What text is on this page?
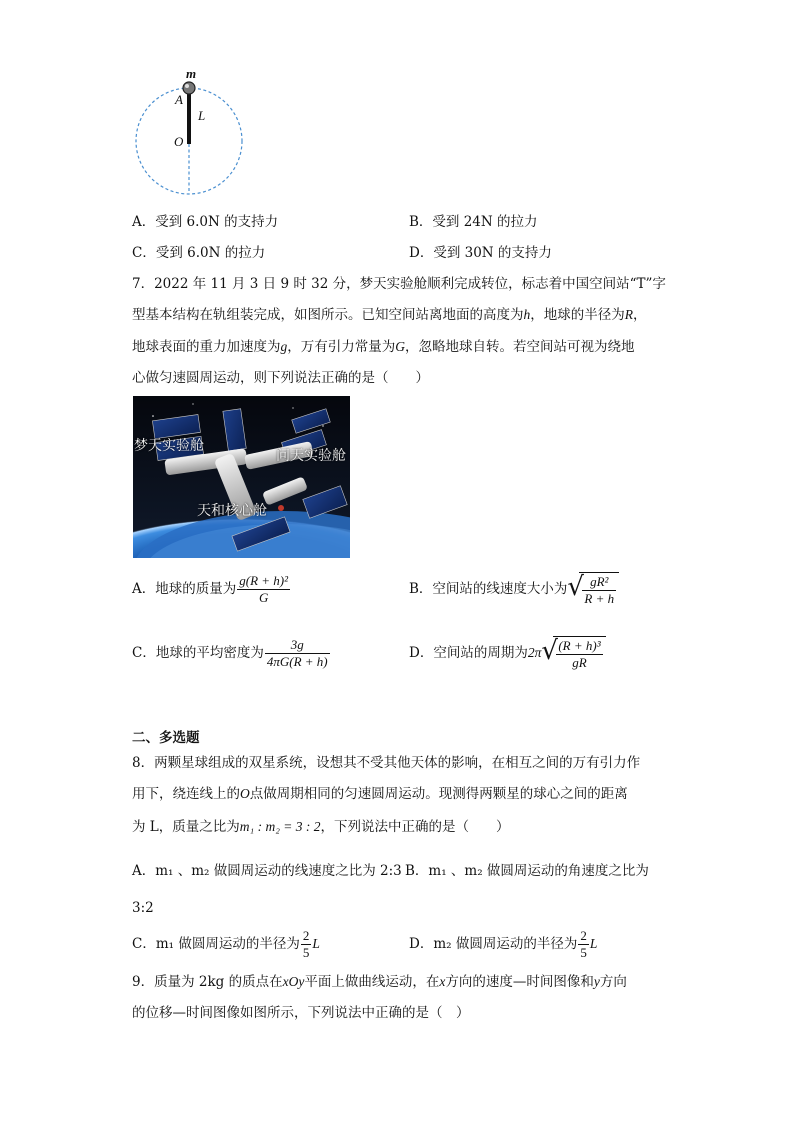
m
A
L
O
A．受到 6.0N 的支持力	B．受到 24N 的拉力
C．受到 6.0N 的拉力	D．受到 30N 的支持力
7．2022 年 11 月 3 日 9 时 32 分，梦天实验舱顺利完成转位，标志着中国空间站“T”字
型基本结构在轨组装完成，如图所示。已知空间站离地面的高度为h，地球的半径为R，
地球表面的重力加速度为g，万有引力常量为G，忽略地球自转。若空间站可视为绕地
心做匀速圆周运动，则下列说法正确的是（　　）
梦天实验舱
问天实验舱
天和核心舱
A．地球的质量为 $\frac{\text{g(R + h)²}}{G}$	B．空间站的线速度大小为 √
$\frac{\text{gR²}}{R + h}$
C．地球的平均密度为 $\frac{3g}{4\pi G(R + h)}$	D．空间站的周期为2π √
$\frac{\text{(R + h)³}}{gR}$
二、多选题
8．两颗星球组成的双星系统，设想其不受其他天体的影响，在相互之间的万有引力作
用下，绕连线上的O点做周期相同的匀速圆周运动。现测得两颗星的球心之间的距离
为 L，质量之比为m₁ : m₂ = 3 : 2，下列说法中正确的是（　　）
A．m₁ 、m₂ 做圆周运动的线速度之比为 2:3 B．m₁ 、m₂ 做圆周运动的角速度之比为
3:2
C．m₁ 做圆周运动的半径为 $\frac{2}{5}$ L	D．m₂ 做圆周运动的半径为 $\frac{2}{5}$ L
9．质量为 2kg 的质点在xOy平面上做曲线运动，在x方向的速度—时间图像和y方向
的位移—时间图像如图所示，下列说法中正确的是（　）
